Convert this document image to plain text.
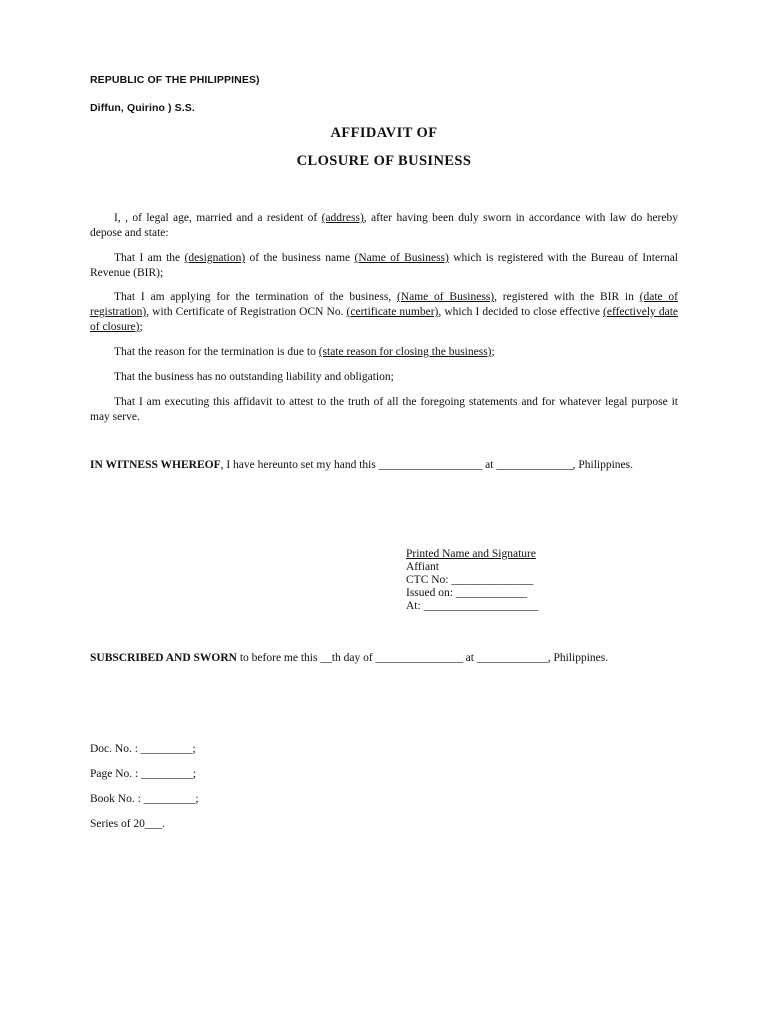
REPUBLIC OF THE PHILIPPINES)
Diffun, Quirino ) S.S.
AFFIDAVIT OF
CLOSURE OF BUSINESS
I, , of legal age, married and a resident of (address), after having been duly sworn in accordance with law do hereby depose and state:
That I am the (designation) of the business name (Name of Business) which is registered with the Bureau of Internal Revenue (BIR);
That I am applying for the termination of the business, (Name of Business), registered with the BIR in (date of registration), with Certificate of Registration OCN No. (certificate number), which I decided to close effective (effectively date of closure);
That the reason for the termination is due to (state reason for closing the business);
That the business has no outstanding liability and obligation;
That I am executing this affidavit to attest to the truth of all the foregoing statements and for whatever legal purpose it may serve.
IN WITNESS WHEREOF, I have hereunto set my hand this ___________________ at ______________, Philippines.
Printed Name and Signature
Affiant
CTC No: _______________
Issued on: _____________
At: _____________________
SUBSCRIBED AND SWORN to before me this __th day of ________________ at _____________, Philippines.
Doc. No. : _________;
Page No. : _________;
Book No. : _________;
Series of 20___.
